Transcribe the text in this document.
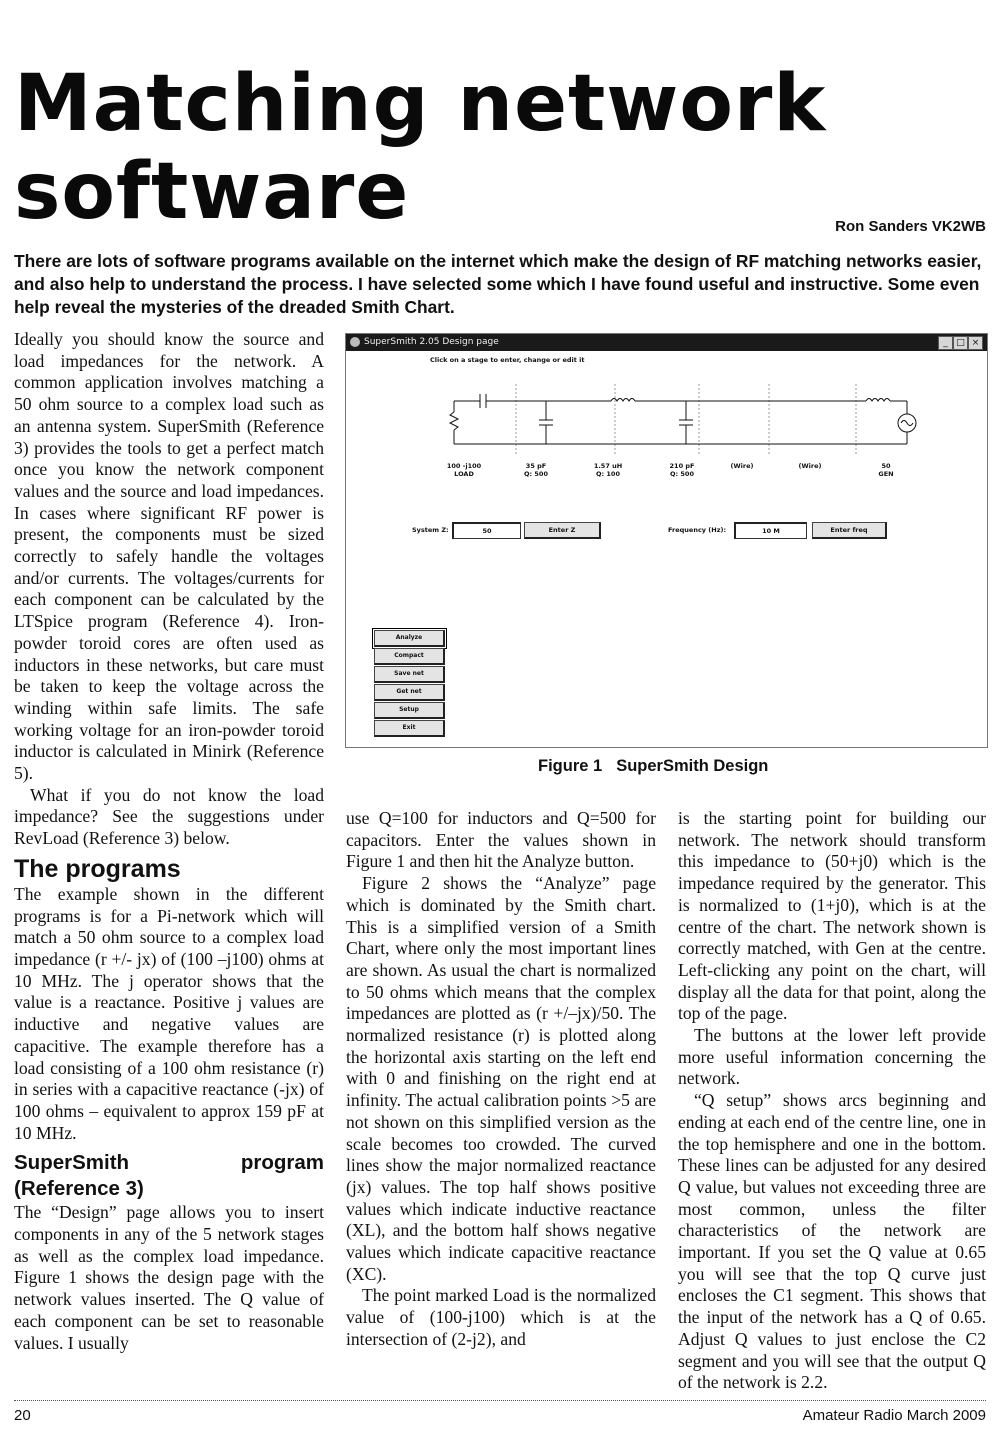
Matching network software	Ron Sanders VK2WB
There are lots of software programs available on the internet which make the design of RF matching networks easier, and also help to understand the process. I have selected some which I have found useful and instructive. Some even help reveal the mysteries of the dreaded Smith Chart.

Ideally you should know the source and load impedances for the network. A common application involves matching a 50 ohm source to a complex load such as an antenna system. SuperSmith (Reference 3) provides the tools to get a perfect match once you know the network component values and the source and load impedances. In cases where significant RF power is present, the components must be sized correctly to safely handle the voltages and/or currents. The voltages/currents for each component can be calculated by the LTSpice program (Reference 4). Iron-powder toroid cores are often used as inductors in these networks, but care must be taken to keep the voltage across the winding within safe limits. The safe working voltage for an iron-powder toroid inductor is calculated in Minirk (Reference 5).

What if you do not know the load impedance? See the suggestions under RevLoad (Reference 3) below.

The programs

The example shown in the different programs is for a Pi-network which will match a 50 ohm source to a complex load impedance (r +/- jx) of (100 –j100) ohms at 10 MHz. The j operator shows that the value is a reactance. Positive j values are inductive and negative values are capacitive. The example therefore has a load consisting of a 100 ohm resistance (r) in series with a capacitive reactance (-jx) of 100 ohms – equivalent to approx 159 pF at 10 MHz.

SuperSmith program (Reference 3)

The “Design” page allows you to insert components in any of the 5 network stages as well as the complex load impedance. Figure 1 shows the design page with the network values inserted. The Q value of each component can be set to reasonable values. I usually

SuperSmith 2.05 Design page	_ □ ×
Click on a stage to enter, change or edit it
100 -j100
LOAD
35 pF
Q: 500
1.57 uH
Q: 100
210 pF
Q: 500
(Wire)	(Wire)	50
GEN
System Z:	50	Enter Z	Frequency (Hz):	10 M	Enter freq
Analyze
Compact
Save net
Get net
Setup
Exit
Figure 1 SuperSmith Design

use Q=100 for inductors and Q=500 for capacitors. Enter the values shown in Figure 1 and then hit the Analyze button.

Figure 2 shows the “Analyze” page which is dominated by the Smith chart. This is a simplified version of a Smith Chart, where only the most important lines are shown. As usual the chart is normalized to 50 ohms which means that the complex impedances are plotted as (r +/–jx)/50. The normalized resistance (r) is plotted along the horizontal axis starting on the left end with 0 and finishing on the right end at infinity. The actual calibration points >5 are not shown on this simplified version as the scale becomes too crowded. The curved lines show the major normalized reactance (jx) values. The top half shows positive values which indicate inductive reactance (XL), and the bottom half shows negative values which indicate capacitive reactance (XC).

The point marked Load is the normalized value of (100-j100) which is at the intersection of (2-j2), and

is the starting point for building our network. The network should transform this impedance to (50+j0) which is the impedance required by the generator. This is normalized to (1+j0), which is at the centre of the chart. The network shown is correctly matched, with Gen at the centre. Left-clicking any point on the chart, will display all the data for that point, along the top of the page.

The buttons at the lower left provide more useful information concerning the network.

“Q setup” shows arcs beginning and ending at each end of the centre line, one in the top hemisphere and one in the bottom. These lines can be adjusted for any desired Q value, but values not exceeding three are most common, unless the filter characteristics of the network are important. If you set the Q value at 0.65 you will see that the top Q curve just encloses the C1 segment. This shows that the input of the network has a Q of 0.65. Adjust Q values to just enclose the C2 segment and you will see that the output Q of the network is 2.2.

20	Amateur Radio March 2009
